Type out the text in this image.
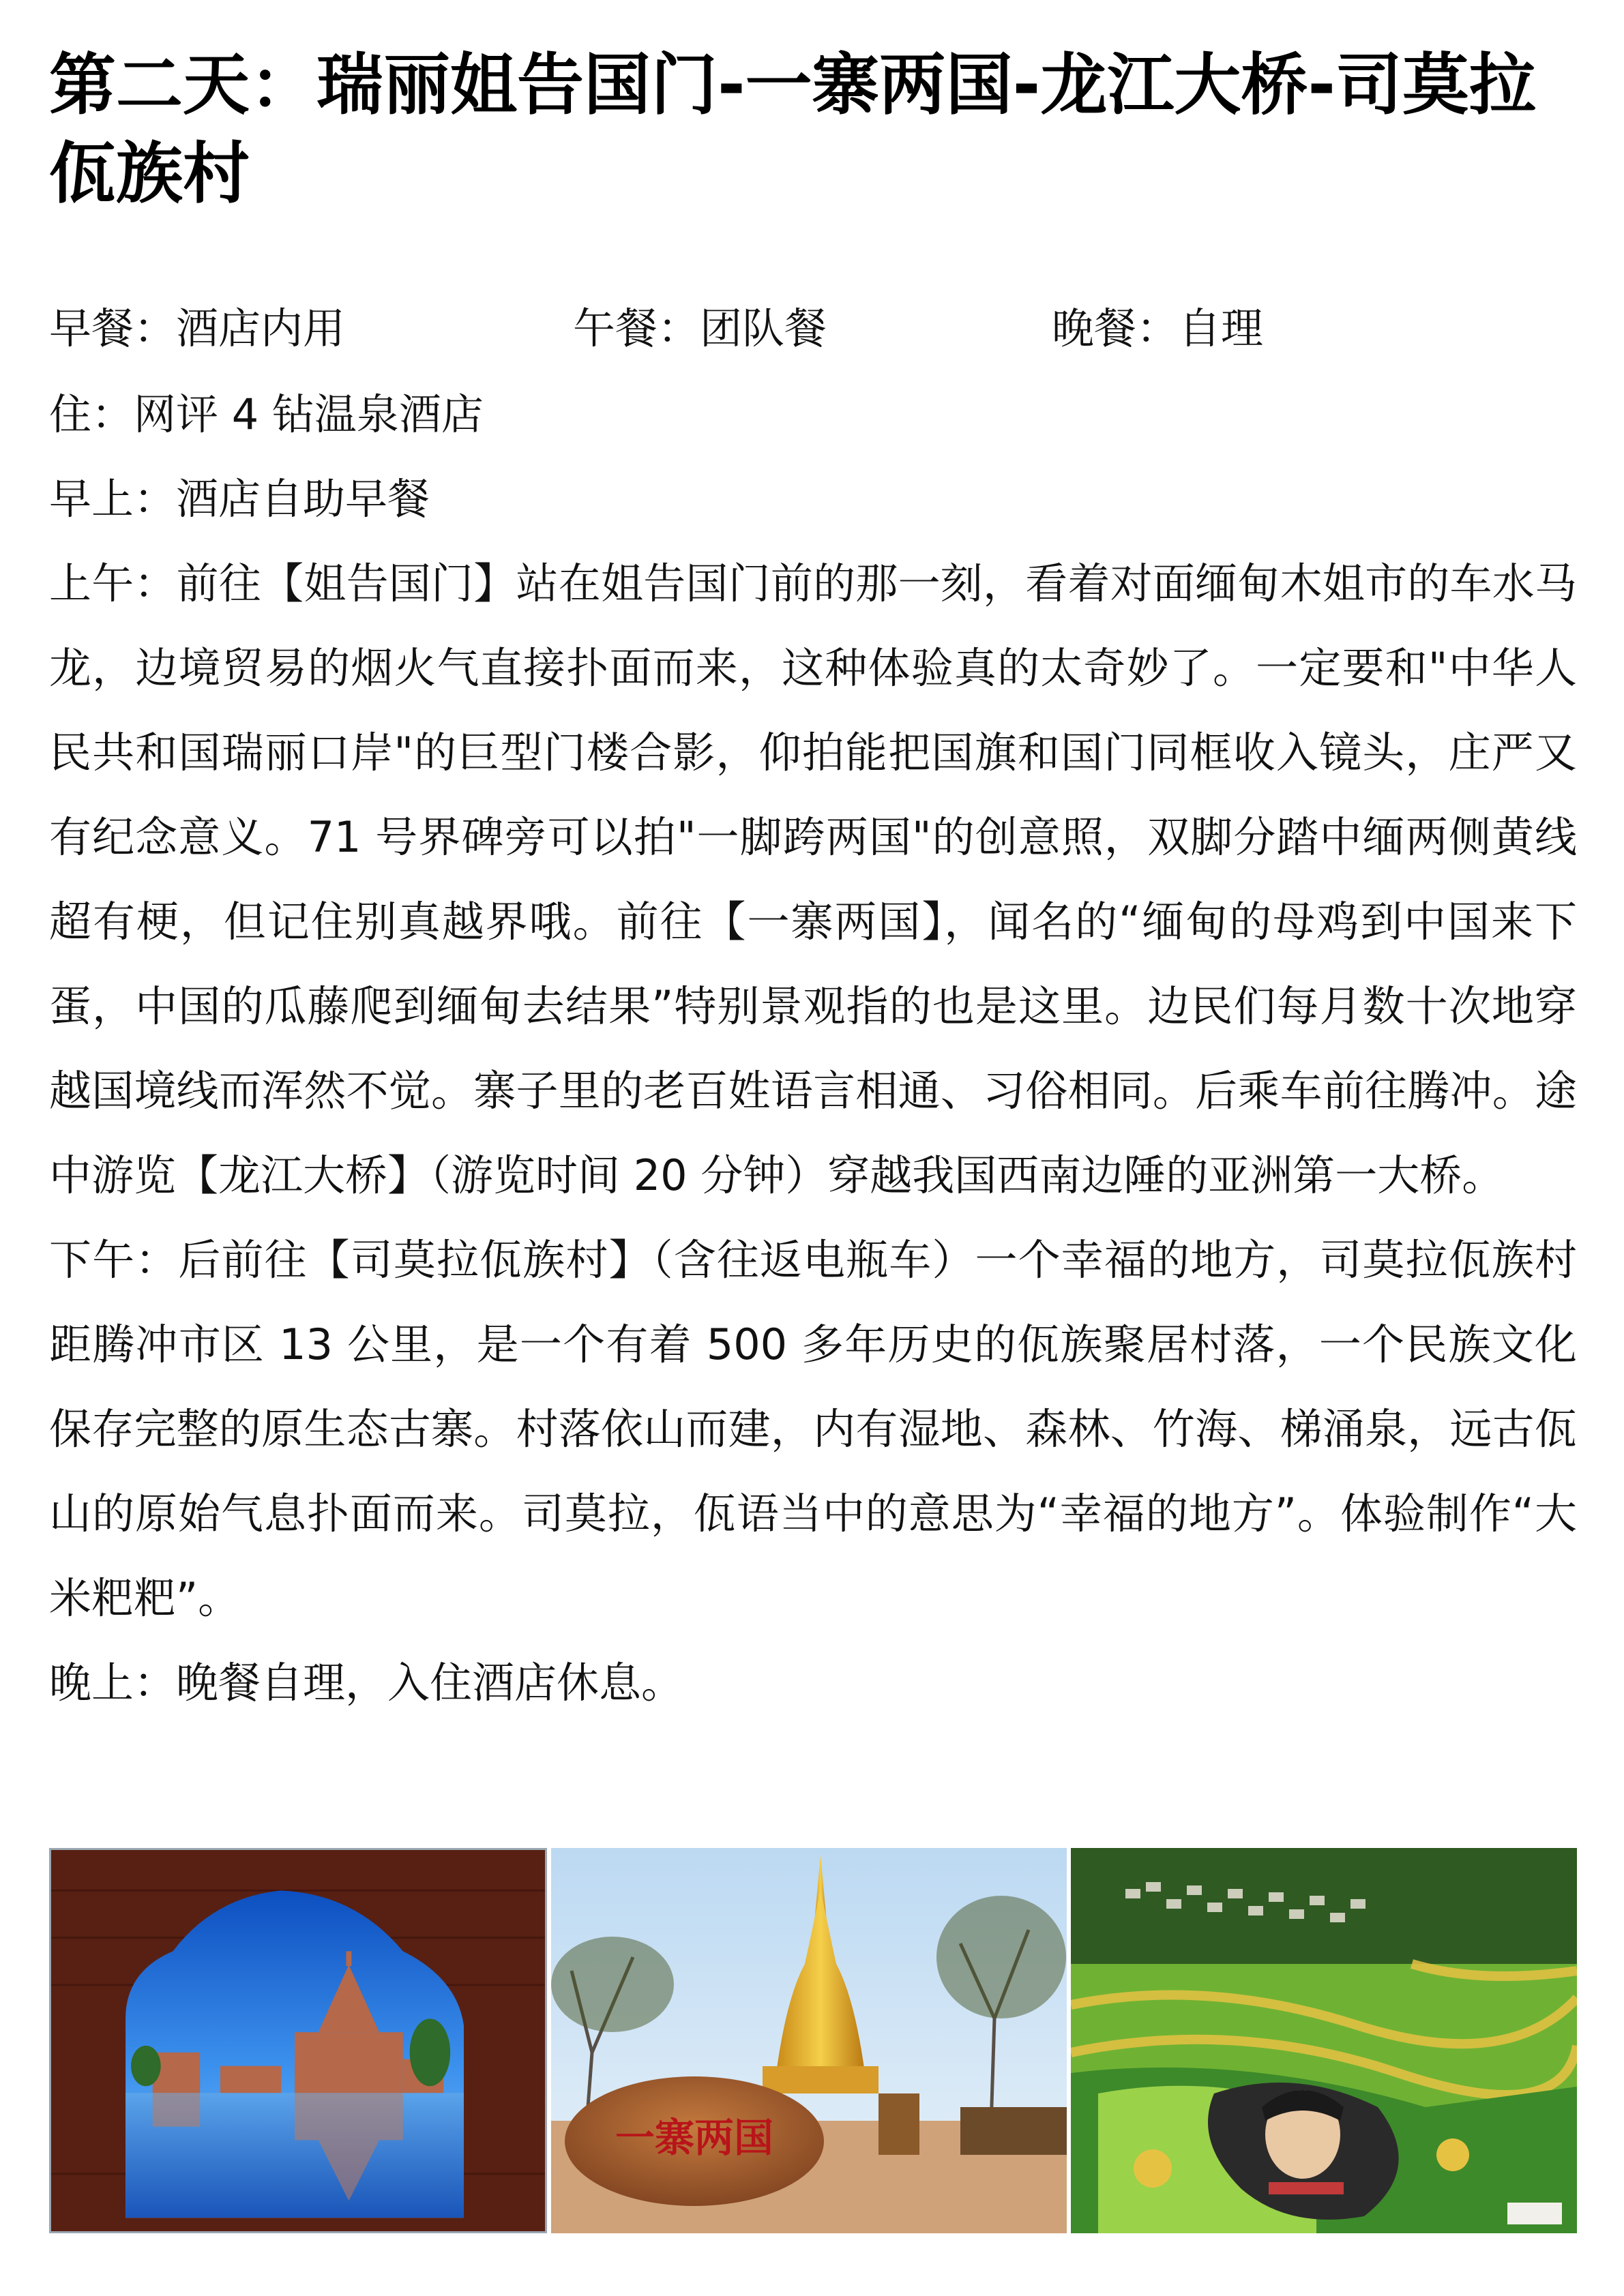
第二天：瑞丽姐告国门-一寨两国-龙江大桥-司莫拉佤族村
早餐：酒店内用	午餐：团队餐	晚餐：自理

住：网评 4 钻温泉酒店

早上：酒店自助早餐

上午：前往【姐告国门】站在姐告国门前的那一刻，看着对面缅甸木姐市的车水马龙，边境贸易的烟火气直接扑面而来，这种体验真的太奇妙了。一定要和"中华人民共和国瑞丽口岸"的巨型门楼合影，仰拍能把国旗和国门同框收入镜头，庄严又有纪念意义。71 号界碑旁可以拍"一脚跨两国"的创意照，双脚分踏中缅两侧黄线超有梗，但记住别真越界哦。前往【一寨两国】，闻名的“缅甸的母鸡到中国来下蛋，中国的瓜藤爬到缅甸去结果”特别景观指的也是这里。边民们每月数十次地穿越国境线而浑然不觉。寨子里的老百姓语言相通、习俗相同。后乘车前往腾冲。途中游览【龙江大桥】（游览时间 20 分钟）穿越我国西南边陲的亚洲第一大桥。

下午：后前往【司莫拉佤族村】（含往返电瓶车）一个幸福的地方，司莫拉佤族村距腾冲市区 13 公里，是一个有着 500 多年历史的佤族聚居村落，一个民族文化保存完整的原生态古寨。村落依山而建，内有湿地、森林、竹海、梯涌泉，远古佤山的原始气息扑面而来。司莫拉，佤语当中的意思为“幸福的地方”。体验制作“大米粑粑”。

晚上：晚餐自理，入住酒店休息。

一寨两国
